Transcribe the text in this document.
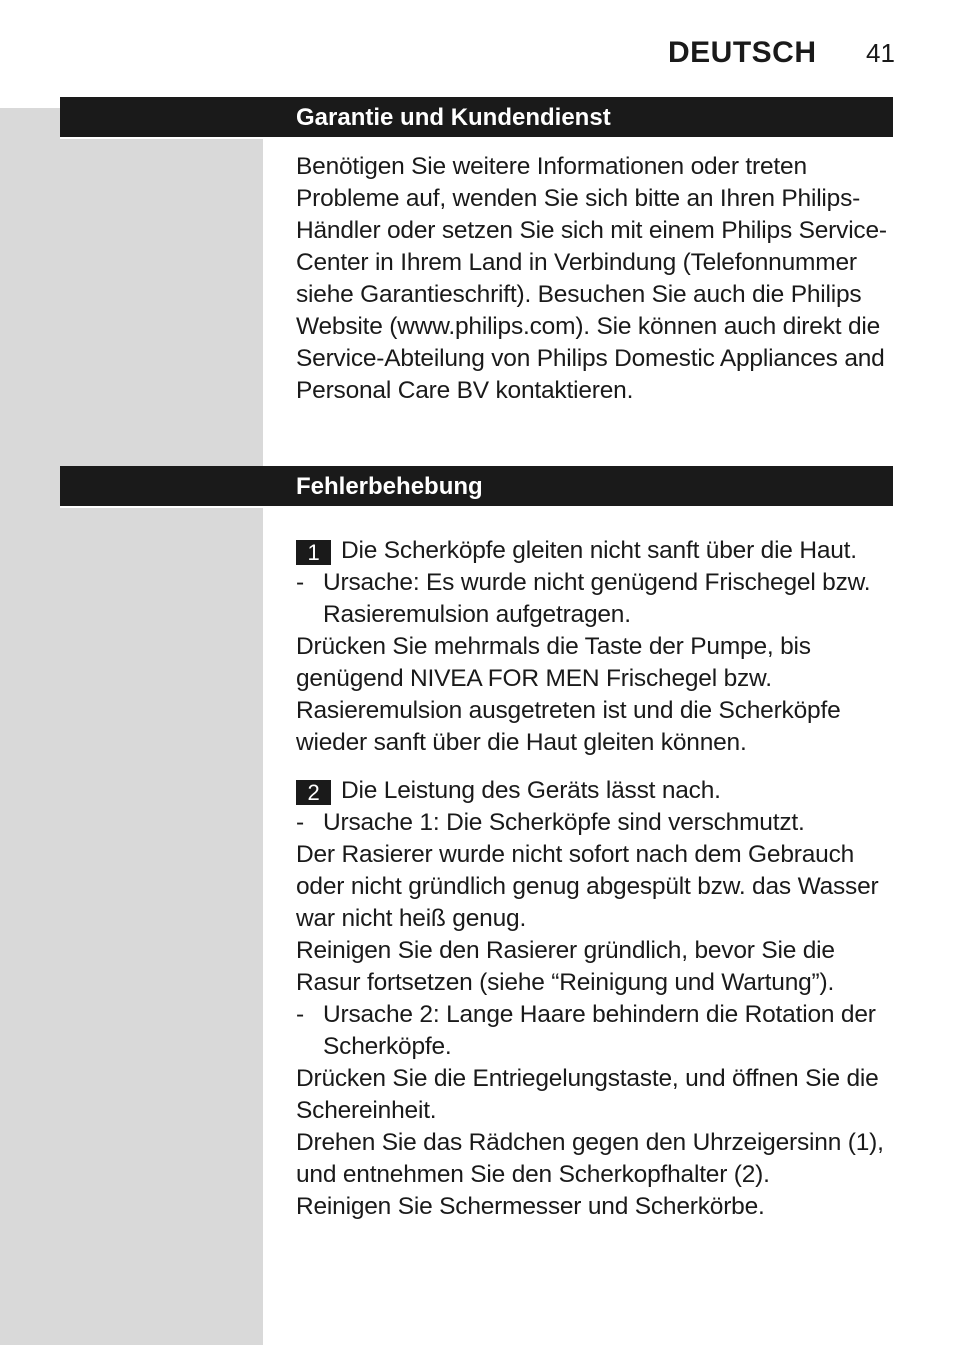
DEUTSCH 41
Garantie und Kundendienst

Benötigen Sie weitere Informationen oder treten Probleme auf, wenden Sie sich bitte an Ihren Philips-Händler oder setzen Sie sich mit einem Philips Service-Center in Ihrem Land in Verbindung (Telefonnummer siehe Garantieschrift). Besuchen Sie auch die Philips Website (www.philips.com). Sie können auch direkt die Service-Abteilung von Philips Domestic Appliances and Personal Care BV kontaktieren.

Fehlerbehebung
1 Die Scherköpfe gleiten nicht sanft über die Haut.
- Ursache: Es wurde nicht genügend Frischegel bzw. Rasieremulsion aufgetragen.

Drücken Sie mehrmals die Taste der Pumpe, bis genügend NIVEA FOR MEN Frischegel bzw. Rasieremulsion ausgetreten ist und die Scherköpfe wieder sanft über die Haut gleiten können.

2 Die Leistung des Geräts lässt nach.
- Ursache 1: Die Scherköpfe sind verschmutzt.

Der Rasierer wurde nicht sofort nach dem Gebrauch oder nicht gründlich genug abgespült bzw. das Wasser war nicht heiß genug.

Reinigen Sie den Rasierer gründlich, bevor Sie die Rasur fortsetzen (siehe “Reinigung und Wartung”).

- Ursache 2: Lange Haare behindern die Rotation der Scherköpfe.

Drücken Sie die Entriegelungstaste, und öffnen Sie die Schereinheit.

Drehen Sie das Rädchen gegen den Uhrzeigersinn (1), und entnehmen Sie den Scherkopfhalter (2).

Reinigen Sie Schermesser und Scherkörbe.
